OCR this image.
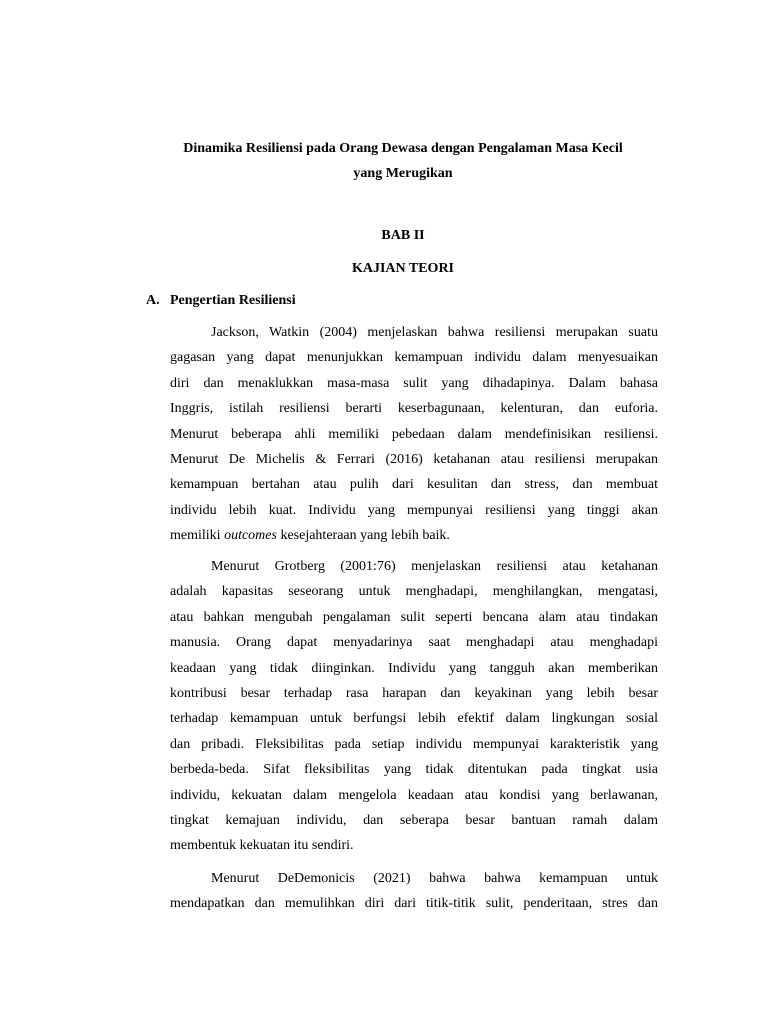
Dinamika Resiliensi pada Orang Dewasa dengan Pengalaman Masa Kecil
yang Merugikan
BAB II
KAJIAN TEORI
A. Pengertian Resiliensi
Jackson, Watkin (2004) menjelaskan bahwa resiliensi merupakan suatu
gagasan yang dapat menunjukkan kemampuan individu dalam menyesuaikan
diri dan menaklukkan masa-masa sulit yang dihadapinya. Dalam bahasa
Inggris, istilah resiliensi berarti keserbagunaan, kelenturan, dan euforia.
Menurut beberapa ahli memiliki pebedaan dalam mendefinisikan resiliensi.
Menurut De Michelis & Ferrari (2016) ketahanan atau resiliensi merupakan
kemampuan bertahan atau pulih dari kesulitan dan stress, dan membuat
individu lebih kuat. Individu yang mempunyai resiliensi yang tinggi akan
memiliki outcomes kesejahteraan yang lebih baik.
Menurut Grotberg (2001:76) menjelaskan resiliensi atau ketahanan
adalah kapasitas seseorang untuk menghadapi, menghilangkan, mengatasi,
atau bahkan mengubah pengalaman sulit seperti bencana alam atau tindakan
manusia. Orang dapat menyadarinya saat menghadapi atau menghadapi
keadaan yang tidak diinginkan. Individu yang tangguh akan memberikan
kontribusi besar terhadap rasa harapan dan keyakinan yang lebih besar
terhadap kemampuan untuk berfungsi lebih efektif dalam lingkungan sosial
dan pribadi. Fleksibilitas pada setiap individu mempunyai karakteristik yang
berbeda-beda. Sifat fleksibilitas yang tidak ditentukan pada tingkat usia
individu, kekuatan dalam mengelola keadaan atau kondisi yang berlawanan,
tingkat kemajuan individu, dan seberapa besar bantuan ramah dalam
membentuk kekuatan itu sendiri.
Menurut DeDemonicis (2021) bahwa bahwa kemampuan untuk
mendapatkan dan memulihkan diri dari titik-titik sulit, penderitaan, stres dan
